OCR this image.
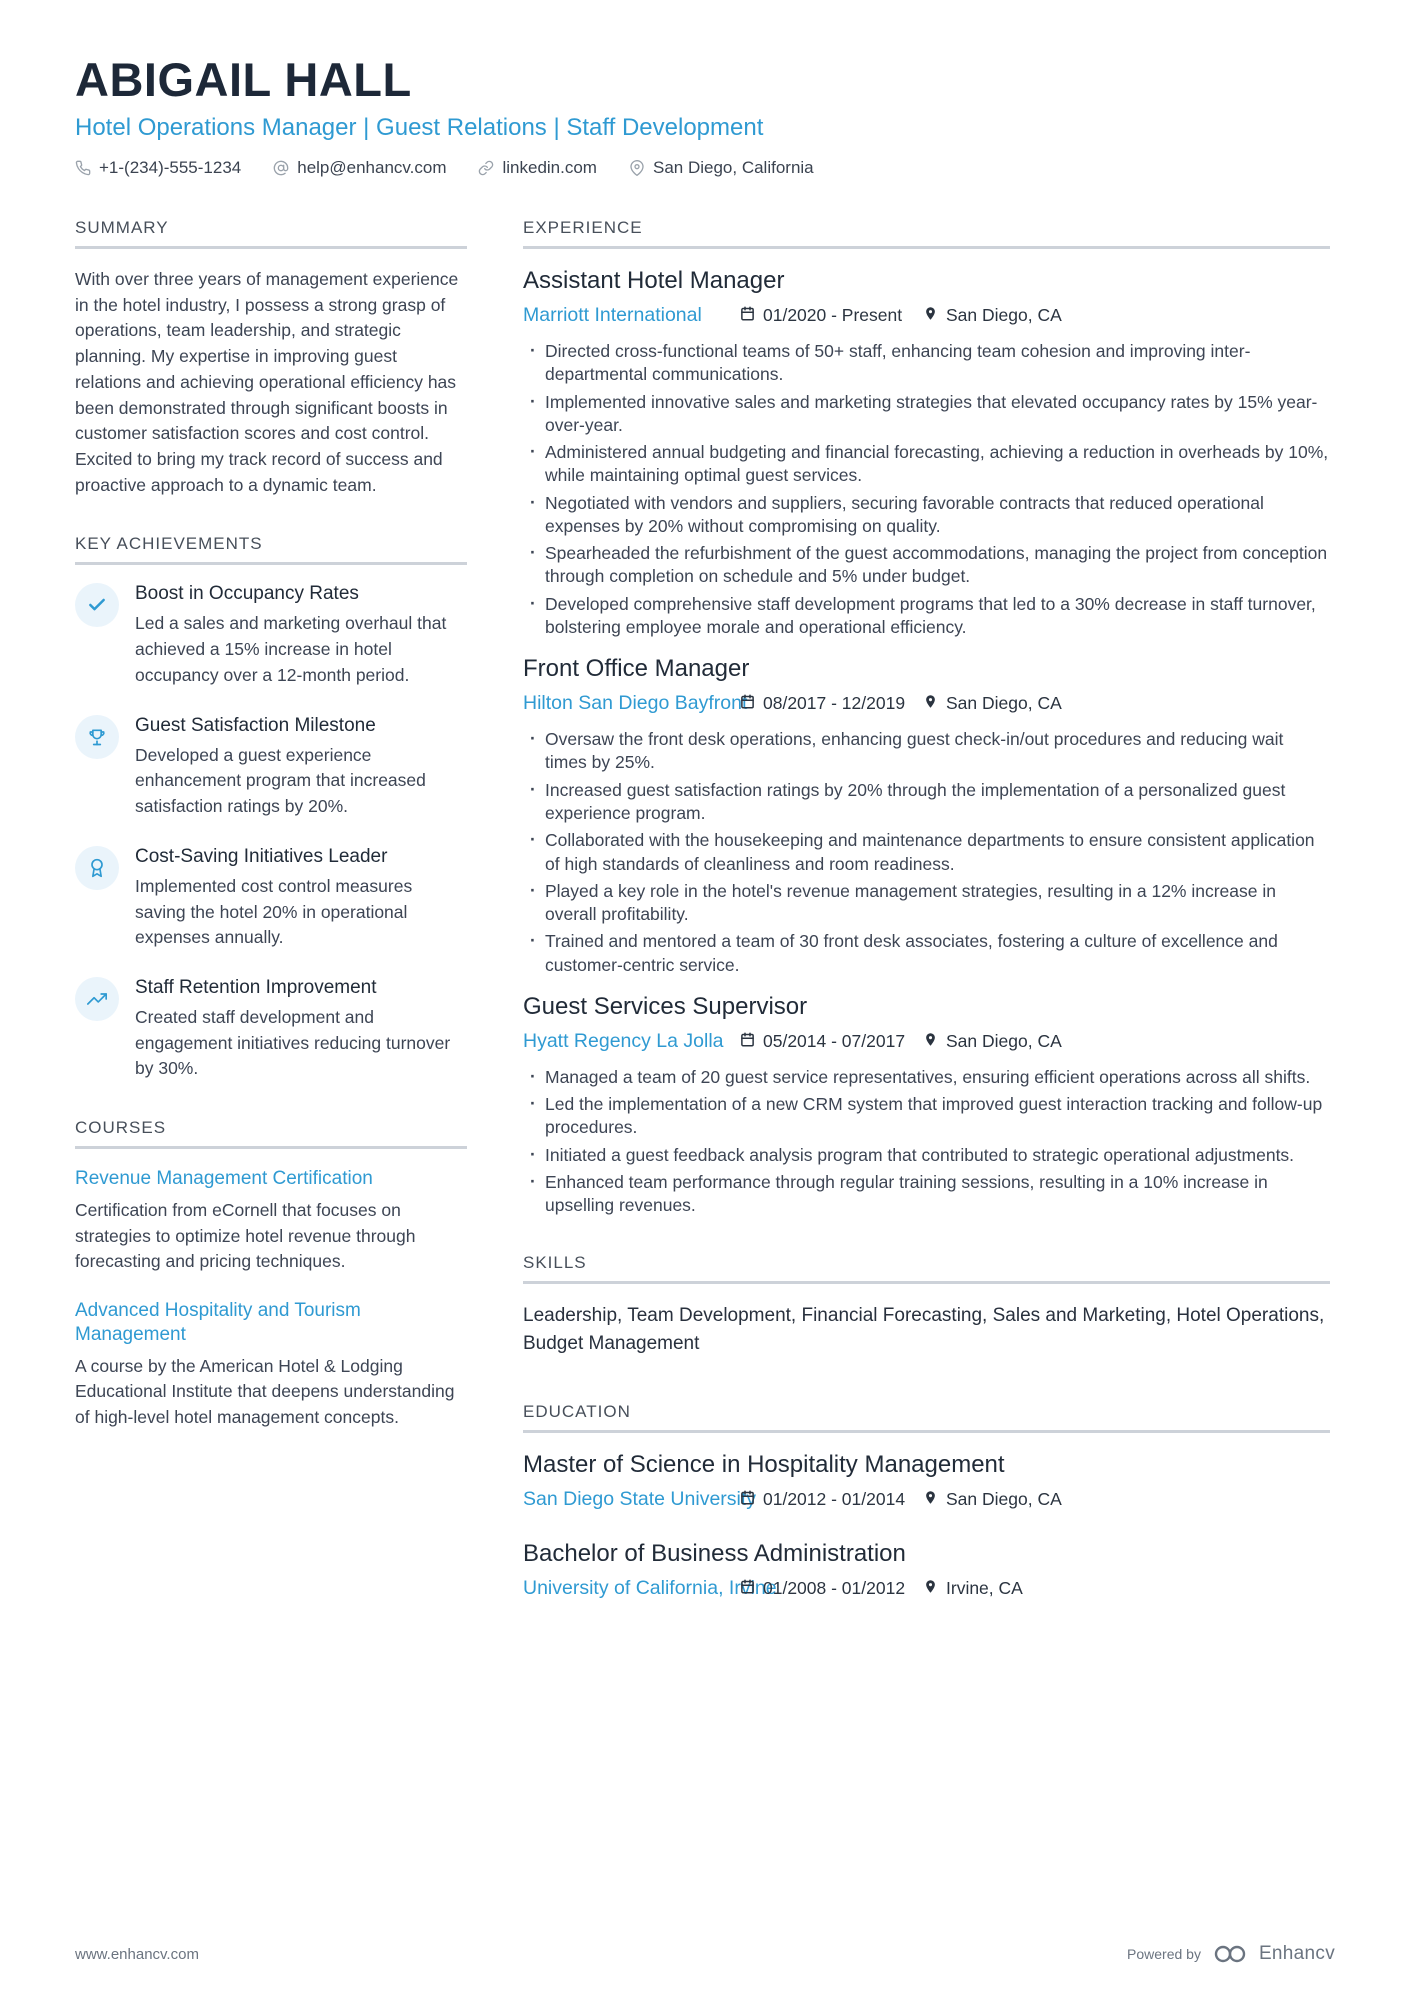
ABIGAIL HALL
Hotel Operations Manager | Guest Relations | Staff Development
+1-(234)-555-1234	help@enhancv.com	linkedin.com	San Diego, California
SUMMARY

With over three years of management experience in the hotel industry, I possess a strong grasp of operations, team leadership, and strategic planning. My expertise in improving guest relations and achieving operational efficiency has been demonstrated through significant boosts in customer satisfaction scores and cost control. Excited to bring my track record of success and proactive approach to a dynamic team.

KEY ACHIEVEMENTS
Boost in Occupancy Rates
Led a sales and marketing overhaul that achieved a 15% increase in hotel occupancy over a 12-month period.
Guest Satisfaction Milestone
Developed a guest experience enhancement program that increased satisfaction ratings by 20%.
Cost-Saving Initiatives Leader
Implemented cost control measures saving the hotel 20% in operational expenses annually.
Staff Retention Improvement
Created staff development and engagement initiatives reducing turnover by 30%.
COURSES
Revenue Management Certification
Certification from eCornell that focuses on strategies to optimize hotel revenue through forecasting and pricing techniques.
Advanced Hospitality and Tourism Management
A course by the American Hotel & Lodging Educational Institute that deepens understanding of high-level hotel management concepts.
EXPERIENCE
Assistant Hotel Manager
Marriott International	01/2020 - Present	San Diego, CA
· Directed cross-functional teams of 50+ staff, enhancing team cohesion and improving inter-departmental communications.
· Implemented innovative sales and marketing strategies that elevated occupancy rates by 15% year-over-year.
· Administered annual budgeting and financial forecasting, achieving a reduction in overheads by 10%, while maintaining optimal guest services.
· Negotiated with vendors and suppliers, securing favorable contracts that reduced operational expenses by 20% without compromising on quality.
· Spearheaded the refurbishment of the guest accommodations, managing the project from conception through completion on schedule and 5% under budget.
· Developed comprehensive staff development programs that led to a 30% decrease in staff turnover, bolstering employee morale and operational efficiency.
Front Office Manager
Hilton San Diego Bayfront 08/2017 - 12/2019 San Diego, CA
· Oversaw the front desk operations, enhancing guest check-in/out procedures and reducing wait times by 25%.
· Increased guest satisfaction ratings by 20% through the implementation of a personalized guest experience program.
· Collaborated with the housekeeping and maintenance departments to ensure consistent application of high standards of cleanliness and room readiness.
· Played a key role in the hotel's revenue management strategies, resulting in a 12% increase in overall profitability.
· Trained and mentored a team of 30 front desk associates, fostering a culture of excellence and customer-centric service.
Guest Services Supervisor
Hyatt Regency La Jolla 05/2014 - 07/2017 San Diego, CA
· Managed a team of 20 guest service representatives, ensuring efficient operations across all shifts.
· Led the implementation of a new CRM system that improved guest interaction tracking and follow-up procedures.
· Initiated a guest feedback analysis program that contributed to strategic operational adjustments.
· Enhanced team performance through regular training sessions, resulting in a 10% increase in upselling revenues.
SKILLS

Leadership, Team Development, Financial Forecasting, Sales and Marketing, Hotel Operations, Budget Management

EDUCATION
Master of Science in Hospitality Management
San Diego State University 01/2012 - 01/2014 San Diego, CA
Bachelor of Business Administration
University of California, Irvine
01/2008 - 01/2012 Irvine, CA
www.enhancv.com	Powered by	Enhancv
